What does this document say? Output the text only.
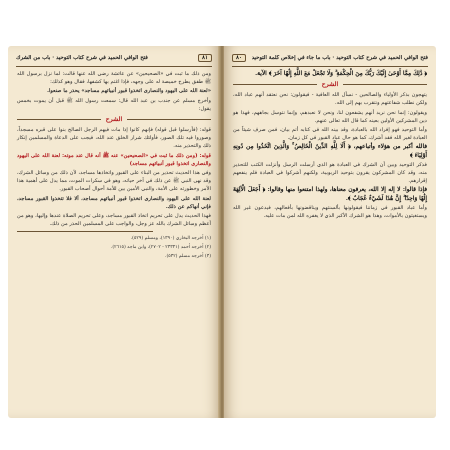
٨١
فتح الوافي الحميد في شرح كتاب التوحيد · باب من الشرك

ومن ذلك ما ثبت في «الصحيحين» عن عائشة رضي الله عنها قالت: لما نزل برسول الله ﷺ طفق يطرح خميصة له على وجهه، فإذا اغتم بها كشفها، فقال وهو كذلك:

«لعنة الله على اليهود والنصارى اتخذوا قبور أنبيائهم مساجد» يحذر ما صنعوا.

وأخرج مسلم عن جندب بن عبد الله قال: سمعت رسول الله ﷺ قبل أن يموت بخمس يقول:

الشرح

قوله: (فأرسلوا قبل قوله) فإنهم كانوا إذا مات فيهم الرجل الصالح بنوا على قبره مسجداً، وصوروا فيه تلك الصور، فأولئك شرار الخلق عند الله، فيجب على الدعاة والمسلمين إنكار ذلك والتحذير منه.

قوله: (ومن ذلك ما ثبت في «الصحيحين» عنه ﷺ أنه قال عند موته: لعنة الله على اليهود والنصارى اتخذوا قبور أنبيائهم مساجد)

وفي هذا الحديث تحذير من البناء على القبور واتخاذها مساجد، لأن ذلك من وسائل الشرك، وقد نهى النبي ﷺ عن ذلك في آخر حياته، وهو في سكرات الموت، مما يدل على أهمية هذا الأمر وخطورته على الأمة، والنبي الأمين بين للأمة أحوال أصحاب القبور.

لعنة الله على اليهود والنصارى اتخذوا قبور أنبيائهم مساجد، ألا فلا تتخذوا القبور مساجد، فإني أنهاكم عن ذلك.

فهذا الحديث يدل على تحريم اتخاذ القبور مساجد، وعلى تحريم الصلاة عندها وإليها، وهو من أعظم وسائل الشرك بالله عز وجل، والواجب على المسلمين الحذر من ذلك.

(١) أخرجه البخاري (١٣٩٠)، ومسلم (٥٢٩).

(٢) أخرجه أحمد (٢٣٣٣١ - ٢٧٠٢)، وابن ماجه (٢٦١٥).

(٣) أخرجه مسلم (٥٣٢).

فتح الوافي الحميد في شرح كتاب التوحيد · باب ما جاء في إخلاص كلمة التوحيد
٨٠

﴿ ذَٰلِكَ مِمَّا أَوْحَىٰ إِلَيْكَ رَبُّكَ مِنَ الْحِكْمَةِ ۗ وَلَا تَجْعَلْ مَعَ اللَّهِ إِلَٰهًا آخَرَ ﴾ الآية.

الشرح

يتهجون بذكر الأولياء والصالحين - نسأل الله العافية - فيقولون: نحن نعتقد أنهم عباد الله، ولكن نطلب شفاعتهم ونتقرب بهم إلى الله.

ويقولون: إنما نحن نريد أنهم يشفعون لنا، ونحن لا نعبدهم، وإنما نتوسل بجاههم، فهذا هو دين المشركين الأولين بعينه كما قال الله تعالى عنهم.

وأما التوحيد فهو إفراد الله بالعبادة، وقد بينه الله في كتابه أتم بيان، فمن صرف شيئاً من العبادة لغير الله فقد أشرك، كما هو حال عباد القبور في كل زمان.

فالله أكبر من هؤلاء وأتباعهم، ﴿ أَلَا لِلَّهِ الدِّينُ الْخَالِصُ ۚ وَالَّذِينَ اتَّخَذُوا مِن دُونِهِ أَوْلِيَاءَ ﴾

فذكر التوحيد وبين أن الشرك في العبادة هو الذي أرسلت الرسل وأنزلت الكتب للتحذير منه، وقد كان المشركون يقرون بتوحيد الربوبية، ولكنهم أشركوا في العبادة فلم ينفعهم إقرارهم.

فإذا قالوا: لا إله إلا الله، يعرفون معناها، ولهذا امتنعوا منها وقالوا: ﴿ أَجَعَلَ الْآلِهَةَ إِلَٰهًا وَاحِدًا ۖ إِنَّ هَٰذَا لَشَيْءٌ عُجَابٌ ﴾.

وأما عباد القبور في زماننا فيقولونها بألسنتهم ويناقضونها بأفعالهم، فيدعون غير الله ويستغيثون بالأموات، وهذا هو الشرك الأكبر الذي لا يغفره الله لمن مات عليه.
